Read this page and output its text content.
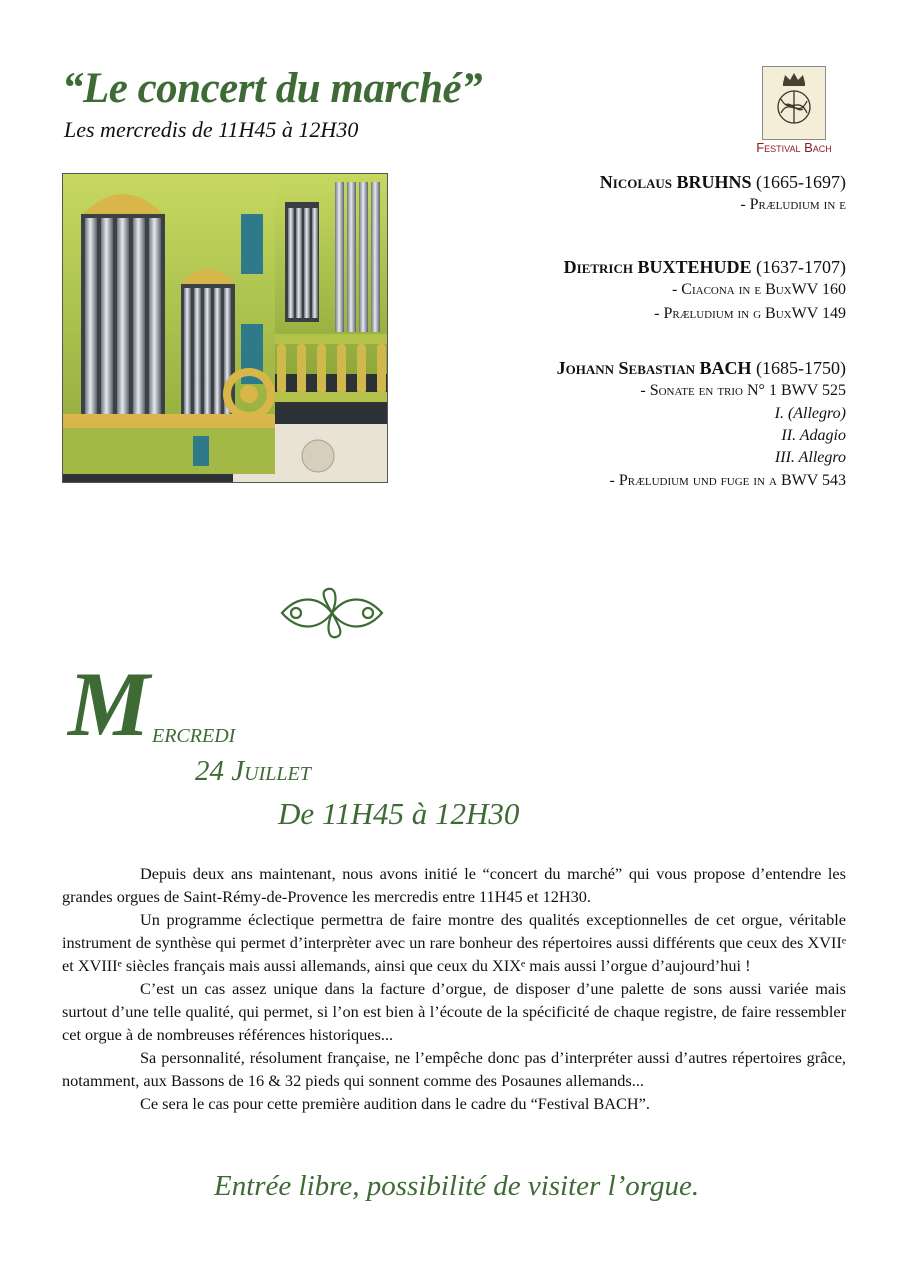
“Le concert du marché”
Les mercredis de 11H45 à 12H30
Festival Bach
Nicolaus BRUHNS (1665-1697)
- Præludium in e
Dietrich BUXTEHUDE (1637-1707)
- Ciacona in e BuxWV 160
- Præludium in g BuxWV 149
Johann Sebastian BACH (1685-1750)
- Sonate en trio N° 1 BWV 525
I. (Allegro)
II. Adagio
III. Allegro
- Præludium und fuge in a BWV 543
M ercredi
24 Juillet
De 11H45 à 12H30

Depuis deux ans maintenant, nous avons initié le “concert du marché” qui vous propose d’entendre les grandes orgues de Saint-Rémy-de-Provence les mercredis entre 11H45 et 12H30.

Un programme éclectique permettra de faire montre des qualités exceptionnelles de cet orgue, véritable instrument de synthèse qui permet d’interprèter avec un rare bonheur des répertoires aussi différents que ceux des XVIIᵉ et XVIIIᵉ siècles français mais aussi allemands, ainsi que ceux du XIXᵉ mais aussi l’orgue d’aujourd’hui !

C’est un cas assez unique dans la facture d’orgue, de disposer d’une palette de sons aussi variée mais surtout d’une telle qualité, qui permet, si l’on est bien à l’écoute de la spécificité de chaque registre, de faire ressembler cet orgue à de nombreuses références historiques...

Sa personnalité, résolument française, ne l’empêche donc pas d’interpréter aussi d’autres répertoires grâce, notamment, aux Bassons de 16 & 32 pieds qui sonnent comme des Posaunes allemands...

Ce sera le cas pour cette première audition dans le cadre du “Festival BACH”.

Entrée libre, possibilité de visiter l’orgue.
